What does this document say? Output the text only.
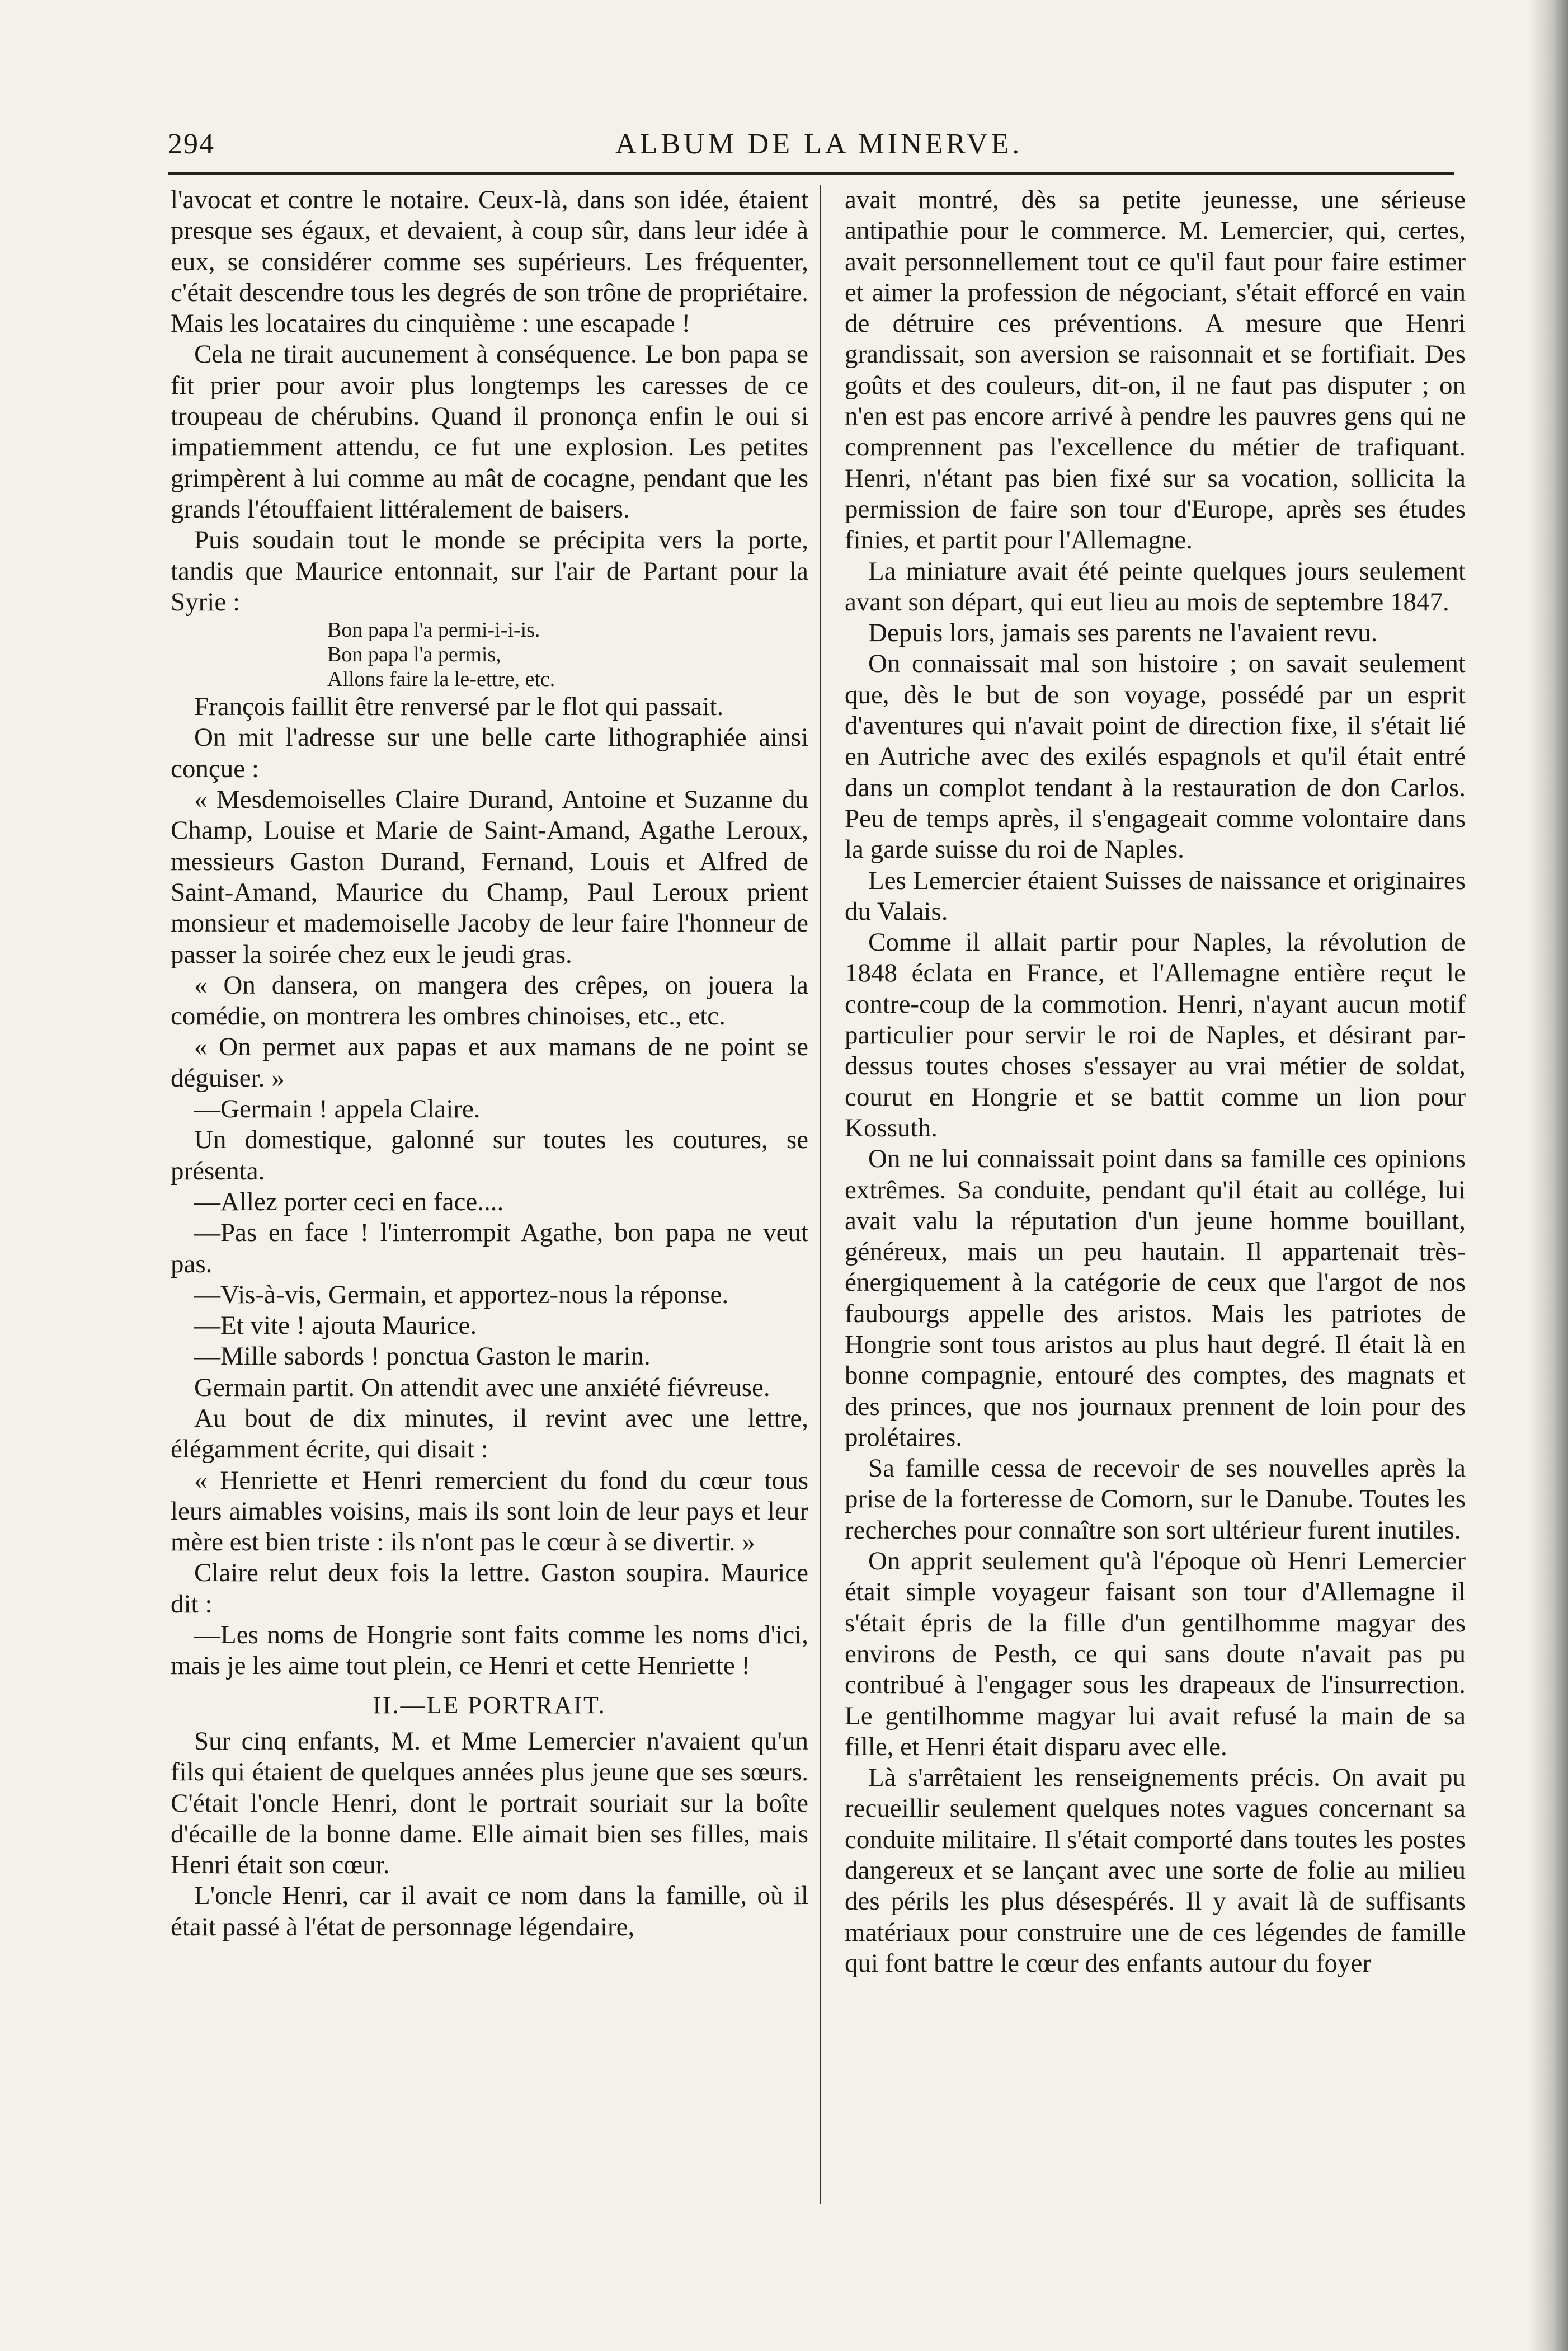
294	ALBUM DE LA MINERVE.

l'avocat et contre le notaire. Ceux-là, dans son idée, étaient presque ses égaux, et devaient, à coup sûr, dans leur idée à eux, se considérer comme ses supérieurs. Les fréquenter, c'était descendre tous les degrés de son trône de propriétaire. Mais les locataires du cinquième : une escapade !

Cela ne tirait aucunement à conséquence. Le bon papa se fit prier pour avoir plus longtemps les caresses de ce troupeau de chérubins. Quand il prononça enfin le oui si impatiemment attendu, ce fut une explosion. Les petites grimpèrent à lui comme au mât de cocagne, pendant que les grands l'étouffaient littéralement de baisers.

Puis soudain tout le monde se précipita vers la porte, tandis que Maurice entonnait, sur l'air de Partant pour la Syrie :

Bon papa l'a permi-i-i-is.
Bon papa l'a permis,
Allons faire la le-ettre, etc.

François faillit être renversé par le flot qui passait.

On mit l'adresse sur une belle carte lithographiée ainsi conçue :

« Mesdemoiselles Claire Durand, Antoine et Suzanne du Champ, Louise et Marie de Saint-Amand, Agathe Leroux, messieurs Gaston Durand, Fernand, Louis et Alfred de Saint-Amand, Maurice du Champ, Paul Leroux prient monsieur et mademoiselle Jacoby de leur faire l'honneur de passer la soirée chez eux le jeudi gras.

« On dansera, on mangera des crêpes, on jouera la comédie, on montrera les ombres chinoises, etc., etc.

« On permet aux papas et aux mamans de ne point se déguiser. »

—Germain ! appela Claire.

Un domestique, galonné sur toutes les coutures, se présenta.

—Allez porter ceci en face....

—Pas en face ! l'interrompit Agathe, bon papa ne veut pas.

—Vis-à-vis, Germain, et apportez-nous la réponse.

—Et vite ! ajouta Maurice.

—Mille sabords ! ponctua Gaston le marin.

Germain partit. On attendit avec une anxiété fiévreuse.

Au bout de dix minutes, il revint avec une lettre, élégamment écrite, qui disait :

« Henriette et Henri remercient du fond du cœur tous leurs aimables voisins, mais ils sont loin de leur pays et leur mère est bien triste : ils n'ont pas le cœur à se divertir. »

Claire relut deux fois la lettre. Gaston soupira. Maurice dit :

—Les noms de Hongrie sont faits comme les noms d'ici, mais je les aime tout plein, ce Henri et cette Henriette !

II.—LE PORTRAIT.

Sur cinq enfants, M. et Mme Lemercier n'avaient qu'un fils qui étaient de quelques années plus jeune que ses sœurs. C'était l'oncle Henri, dont le portrait souriait sur la boîte d'écaille de la bonne dame. Elle aimait bien ses filles, mais Henri était son cœur.

L'oncle Henri, car il avait ce nom dans la famille, où il était passé à l'état de personnage légendaire,

avait montré, dès sa petite jeunesse, une sérieuse antipathie pour le commerce. M. Lemercier, qui, certes, avait personnellement tout ce qu'il faut pour faire estimer et aimer la profession de négociant, s'était efforcé en vain de détruire ces préventions. A mesure que Henri grandissait, son aversion se raisonnait et se fortifiait. Des goûts et des couleurs, dit-on, il ne faut pas disputer ; on n'en est pas encore arrivé à pendre les pauvres gens qui ne comprennent pas l'excellence du métier de trafiquant. Henri, n'étant pas bien fixé sur sa vocation, sollicita la permission de faire son tour d'Europe, après ses études finies, et partit pour l'Allemagne.

La miniature avait été peinte quelques jours seulement avant son départ, qui eut lieu au mois de septembre 1847.

Depuis lors, jamais ses parents ne l'avaient revu.

On connaissait mal son histoire ; on savait seulement que, dès le but de son voyage, possédé par un esprit d'aventures qui n'avait point de direction fixe, il s'était lié en Autriche avec des exilés espagnols et qu'il était entré dans un complot tendant à la restauration de don Carlos. Peu de temps après, il s'engageait comme volontaire dans la garde suisse du roi de Naples.

Les Lemercier étaient Suisses de naissance et originaires du Valais.

Comme il allait partir pour Naples, la révolution de 1848 éclata en France, et l'Allemagne entière reçut le contre-coup de la commotion. Henri, n'ayant aucun motif particulier pour servir le roi de Naples, et désirant par-dessus toutes choses s'essayer au vrai métier de soldat, courut en Hongrie et se battit comme un lion pour Kossuth.

On ne lui connaissait point dans sa famille ces opinions extrêmes. Sa conduite, pendant qu'il était au collége, lui avait valu la réputation d'un jeune homme bouillant, généreux, mais un peu hautain. Il appartenait très-énergiquement à la catégorie de ceux que l'argot de nos faubourgs appelle des aristos. Mais les patriotes de Hongrie sont tous aristos au plus haut degré. Il était là en bonne compagnie, entouré des comptes, des magnats et des princes, que nos journaux prennent de loin pour des prolétaires.

Sa famille cessa de recevoir de ses nouvelles après la prise de la forteresse de Comorn, sur le Danube. Toutes les recherches pour connaître son sort ultérieur furent inutiles.

On apprit seulement qu'à l'époque où Henri Lemercier était simple voyageur faisant son tour d'Allemagne il s'était épris de la fille d'un gentilhomme magyar des environs de Pesth, ce qui sans doute n'avait pas pu contribué à l'engager sous les drapeaux de l'insurrection. Le gentilhomme magyar lui avait refusé la main de sa fille, et Henri était disparu avec elle.

Là s'arrêtaient les renseignements précis. On avait pu recueillir seulement quelques notes vagues concernant sa conduite militaire. Il s'était comporté dans toutes les postes dangereux et se lançant avec une sorte de folie au milieu des périls les plus désespérés. Il y avait là de suffisants matériaux pour construire une de ces légendes de famille qui font battre le cœur des enfants autour du foyer
